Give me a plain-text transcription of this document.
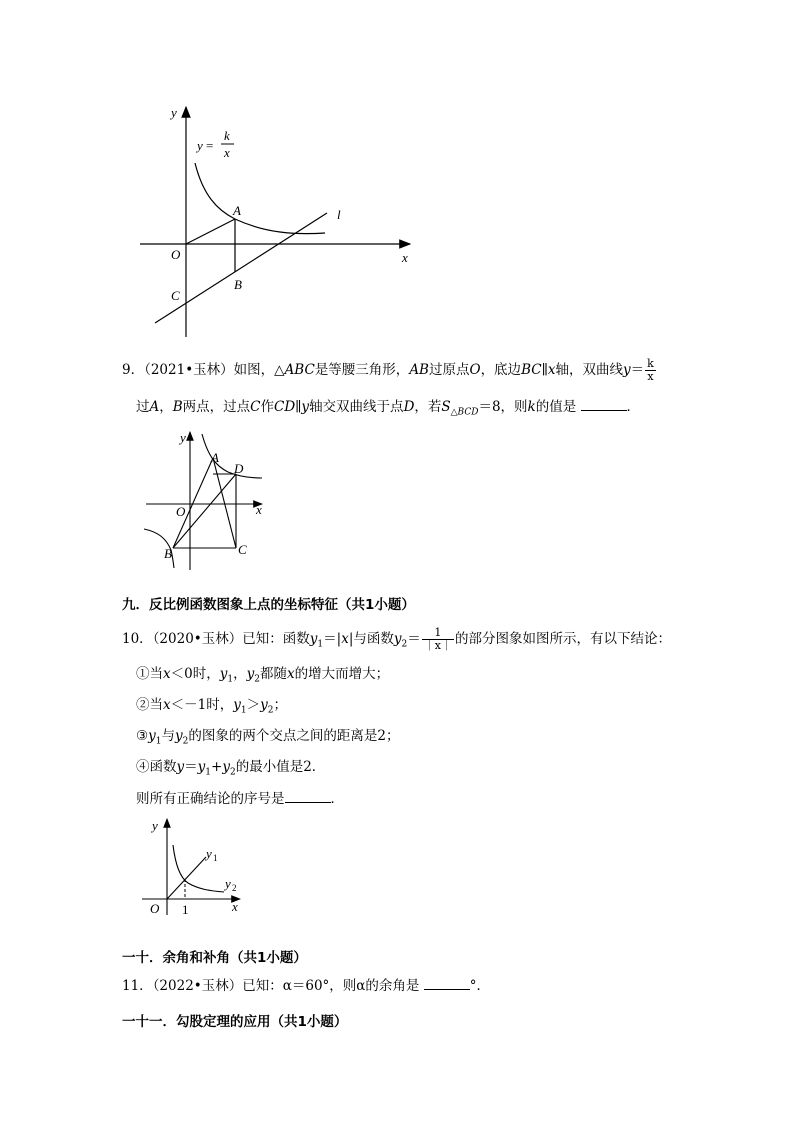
y
x
O
A
B
C
l
y =
k
x
9．（2021•玉林）如图，△ABC是等腰三角形，AB过原点O，底边BC∥x轴，双曲线$y= \frac{k}{x}$
过A，B两点，过点C作CD∥y轴交双曲线于点D，若$S_{\triangle BCD}=8$，则k的值是	．
y
x
O
A
D
B	C
九．反比例函数图象上点的坐标特征（共1小题）
10．（2020•玉林）已知：函数$y_1=|x|$与函数$y_2= \frac{1}{|x|}$ 的部分图象如图所示，有以下结论：
①当x＜0时，$y_1$，$y_2$都随x的增大而增大；
②当x＜－1时，$y_1>y_2$；
$③y_1$与$y_2$的图象的两个交点之间的距离是2；
④函数$y=y_1+y_2$的最小值是2．
则所有正确结论的序号是	．
y
x
O 1
y 1
y 2
一十．余角和补角（共1小题）
11．（2022•玉林）已知：α＝60°，则α的余角是	°．
一十一．勾股定理的应用（共1小题）
